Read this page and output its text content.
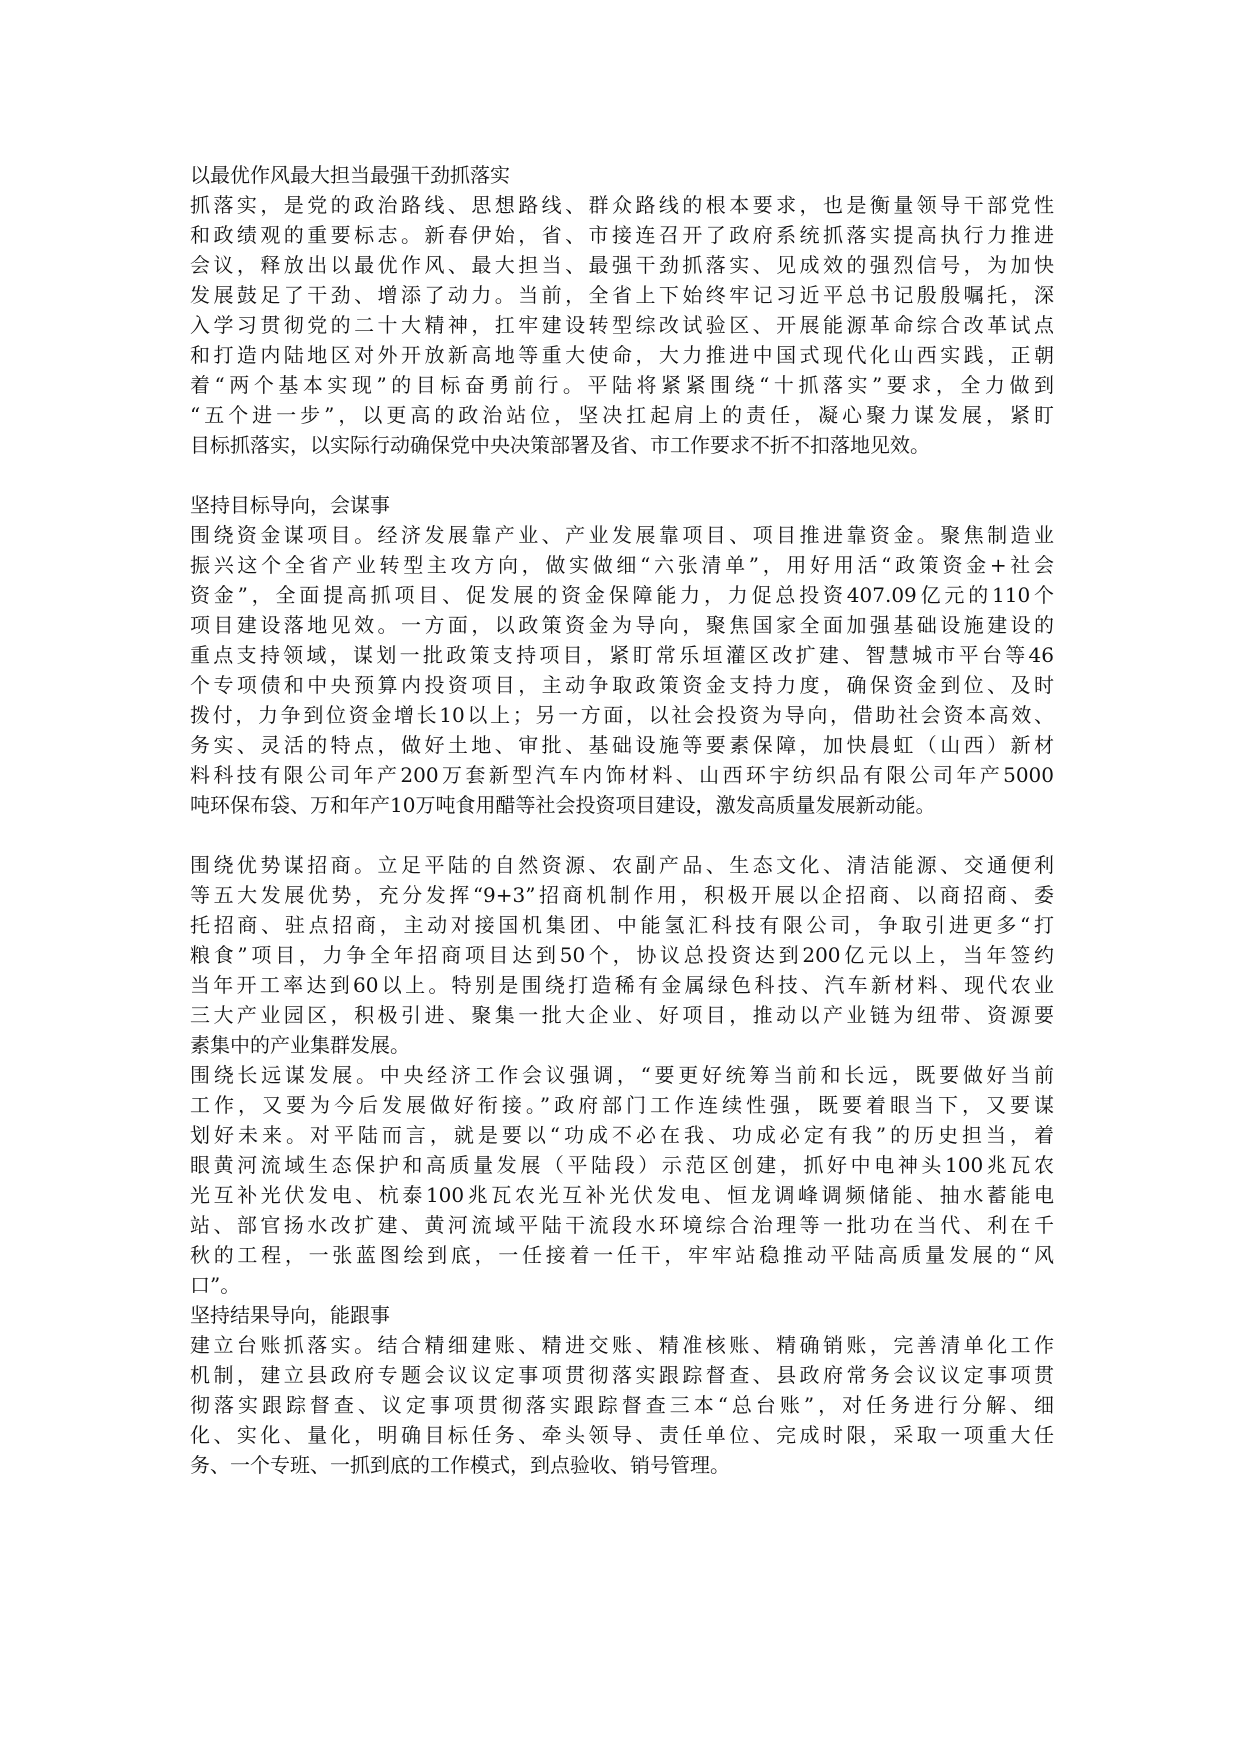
以最优作风最大担当最强干劲抓落实
抓落实，是党的政治路线、思想路线、群众路线的根本要求，也是衡量领导干部党性
和政绩观的重要标志。新春伊始，省、市接连召开了政府系统抓落实提高执行力推进
会议，释放出以最优作风、最大担当、最强干劲抓落实、见成效的强烈信号，为加快
发展鼓足了干劲、增添了动力。当前，全省上下始终牢记习近平总书记殷殷嘱托，深
入学习贯彻党的二十大精神，扛牢建设转型综改试验区、开展能源革命综合改革试点
和打造内陆地区对外开放新高地等重大使命，大力推进中国式现代化山西实践，正朝
着“两个基本实现”的目标奋勇前行。平陆将紧紧围绕“十抓落实”要求，全力做到
“五个进一步”，以更高的政治站位，坚决扛起肩上的责任，凝心聚力谋发展，紧盯
目标抓落实，以实际行动确保党中央决策部署及省、市工作要求不折不扣落地见效。
坚持目标导向，会谋事
围绕资金谋项目。经济发展靠产业、产业发展靠项目、项目推进靠资金。聚焦制造业
振兴这个全省产业转型主攻方向，做实做细“六张清单”，用好用活“政策资金+社会
资金”，全面提高抓项目、促发展的资金保障能力，力促总投资407.09亿元的110个
项目建设落地见效。一方面，以政策资金为导向，聚焦国家全面加强基础设施建设的
重点支持领域，谋划一批政策支持项目，紧盯常乐垣灌区改扩建、智慧城市平台等46
个专项债和中央预算内投资项目，主动争取政策资金支持力度，确保资金到位、及时
拨付，力争到位资金增长10以上；另一方面，以社会投资为导向，借助社会资本高效、
务实、灵活的特点，做好土地、审批、基础设施等要素保障，加快晨虹（山西）新材
料科技有限公司年产200万套新型汽车内饰材料、山西环宇纺织品有限公司年产5000
吨环保布袋、万和年产10万吨食用醋等社会投资项目建设，激发高质量发展新动能。
围绕优势谋招商。立足平陆的自然资源、农副产品、生态文化、清洁能源、交通便利
等五大发展优势，充分发挥“9+3”招商机制作用，积极开展以企招商、以商招商、委
托招商、驻点招商，主动对接国机集团、中能氢汇科技有限公司，争取引进更多“打
粮食”项目，力争全年招商项目达到50个，协议总投资达到200亿元以上，当年签约
当年开工率达到60以上。特别是围绕打造稀有金属绿色科技、汽车新材料、现代农业
三大产业园区，积极引进、聚集一批大企业、好项目，推动以产业链为纽带、资源要
素集中的产业集群发展。
围绕长远谋发展。中央经济工作会议强调，“要更好统筹当前和长远，既要做好当前
工作，又要为今后发展做好衔接。”政府部门工作连续性强，既要着眼当下，又要谋
划好未来。对平陆而言，就是要以“功成不必在我、功成必定有我”的历史担当，着
眼黄河流域生态保护和高质量发展（平陆段）示范区创建，抓好中电神头100兆瓦农
光互补光伏发电、杭泰100兆瓦农光互补光伏发电、恒龙调峰调频储能、抽水蓄能电
站、部官扬水改扩建、黄河流域平陆干流段水环境综合治理等一批功在当代、利在千
秋的工程，一张蓝图绘到底，一任接着一任干，牢牢站稳推动平陆高质量发展的“风
口”。
坚持结果导向，能跟事
建立台账抓落实。结合精细建账、精进交账、精准核账、精确销账，完善清单化工作
机制，建立县政府专题会议议定事项贯彻落实跟踪督查、县政府常务会议议定事项贯
彻落实跟踪督查、议定事项贯彻落实跟踪督查三本“总台账”，对任务进行分解、细
化、实化、量化，明确目标任务、牵头领导、责任单位、完成时限，采取一项重大任
务、一个专班、一抓到底的工作模式，到点验收、销号管理。
